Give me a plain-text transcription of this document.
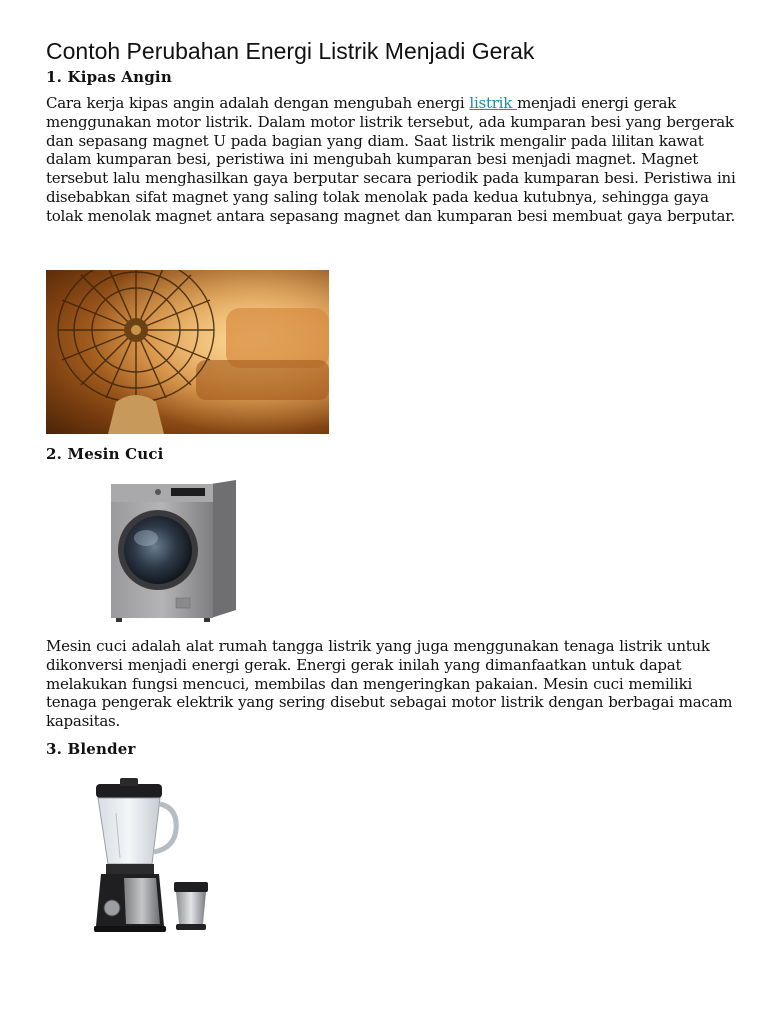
Contoh Perubahan Energi Listrik Menjadi Gerak
1. Kipas Angin

Cara kerja kipas angin adalah dengan mengubah energi listrik menjadi energi gerak menggunakan motor listrik. Dalam motor listrik tersebut, ada kumparan besi yang bergerak dan sepasang magnet U pada bagian yang diam. Saat listrik mengalir pada lilitan kawat dalam kumparan besi, peristiwa ini mengubah kumparan besi menjadi magnet. Magnet tersebut lalu menghasilkan gaya berputar secara periodik pada kumparan besi. Peristiwa ini disebabkan sifat magnet yang saling tolak menolak pada kedua kutubnya, sehingga gaya tolak menolak magnet antara sepasang magnet dan kumparan besi membuat gaya berputar.

2. Mesin Cuci

Mesin cuci adalah alat rumah tangga listrik yang juga menggunakan tenaga listrik untuk dikonversi menjadi energi gerak. Energi gerak inilah yang dimanfaatkan untuk dapat melakukan fungsi mencuci, membilas dan mengeringkan pakaian. Mesin cuci memiliki tenaga pengerak elektrik yang sering disebut sebagai motor listrik dengan berbagai macam kapasitas.

3. Blender
